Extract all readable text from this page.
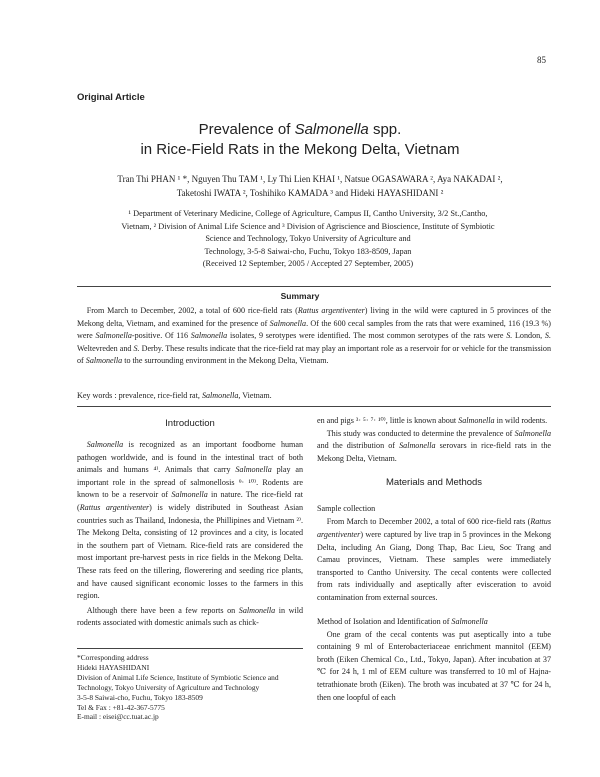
85
Original Article
Prevalence of Salmonella spp.
in Rice-Field Rats in the Mekong Delta, Vietnam
Tran Thi PHAN ¹ *, Nguyen Thu TAM ¹, Ly Thi Lien KHAI ¹, Natsue OGASAWARA ², Aya NAKADAI ²,
Taketoshi IWATA ², Toshihiko KAMADA ³ and Hideki HAYASHIDANI ²
¹ Department of Veterinary Medicine, College of Agriculture, Campus II, Cantho University, 3/2 St.,Cantho,
Vietnam, ² Division of Animal Life Science and ³ Division of Agriscience and Bioscience, Institute of Symbiotic
Science and Technology, Tokyo University of Agriculture and
Technology, 3-5-8 Saiwai-cho, Fuchu, Tokyo 183-8509, Japan
(Received 12 September, 2005 / Accepted 27 September, 2005)
Summary

From March to December, 2002, a total of 600 rice-field rats (Rattus argentiventer) living in the wild were captured in 5 provinces of the Mekong delta, Vietnam, and examined for the presence of Salmonella. Of the 600 cecal samples from the rats that were examined, 116 (19.3 %) were Salmonella-positive. Of 116 Salmonella isolates, 9 serotypes were identified. The most common serotypes of the rats were S. London, S. Weltevreden and S. Derby. These results indicate that the rice-field rat may play an important role as a reservoir for or vehicle for the transmission of Salmonella to the surrounding environment in the Mekong Delta, Vietnam.

Key words : prevalence, rice-field rat, Salmonella, Vietnam.
Introduction

Salmonella is recognized as an important foodborne human pathogen worldwide, and is found in the intestinal tract of both animals and humans ⁴⁾. Animals that carry Salmonella play an important role in the spread of salmonellosis ⁹· ¹⁰⁾. Rodents are known to be a reservoir of Salmonella in nature. The rice-field rat (Rattus argentiventer) is widely distributed in Southeast Asian countries such as Thailand, Indonesia, the Phillipines and Vietnam ²⁾. The Mekong Delta, consisting of 12 provinces and a city, is located in the southern part of Vietnam. Rice-field rats are considered the most important pre-harvest pests in rice fields in the Mekong Delta. These rats feed on the tillering, flowerering and seeding rice plants, and have caused significant economic losses to the farmers in this region.

Although there have been a few reports on Salmonella in wild rodents associated with domestic animals such as chick-

*Corresponding address
Hideki HAYASHIDANI
Division of Animal Life Science, Institute of Symbiotic Science and Technology, Tokyo University of Agriculture and Technology
3-5-8 Saiwai-cho, Fuchu, Tokyo 183-8509
Tel & Fax : +81-42-367-5775
E-mail : eisei@cc.tuat.ac.jp

en and pigs ³· ⁵· ⁷· ¹⁰⁾, little is known about Salmonella in wild rodents.

This study was conducted to determine the prevalence of Salmonella and the distribution of Salmonella serovars in rice-field rats in the Mekong Delta, Vietnam.

Materials and Methods
Sample collection

From March to December 2002, a total of 600 rice-field rats (Rattus argentiventer) were captured by live trap in 5 provinces in the Mekong Delta, including An Giang, Dong Thap, Bac Lieu, Soc Trang and Camau provinces, Vietnam. These samples were immediately transported to Cantho University. The cecal contents were collected from rats individually and aseptically after evisceration to avoid contamination from external sources.

Method of Isolation and Identification of Salmonella

One gram of the cecal contents was put aseptically into a tube containing 9 ml of Enterobacteriaceae enrichment mannitol (EEM) broth (Eiken Chemical Co., Ltd., Tokyo, Japan). After incubation at 37 ℃ for 24 h, 1 ml of EEM culture was transferred to 10 ml of Hajna-tetrathionate broth (Eiken). The broth was incubated at 37 ℃ for 24 h, then one loopful of each
